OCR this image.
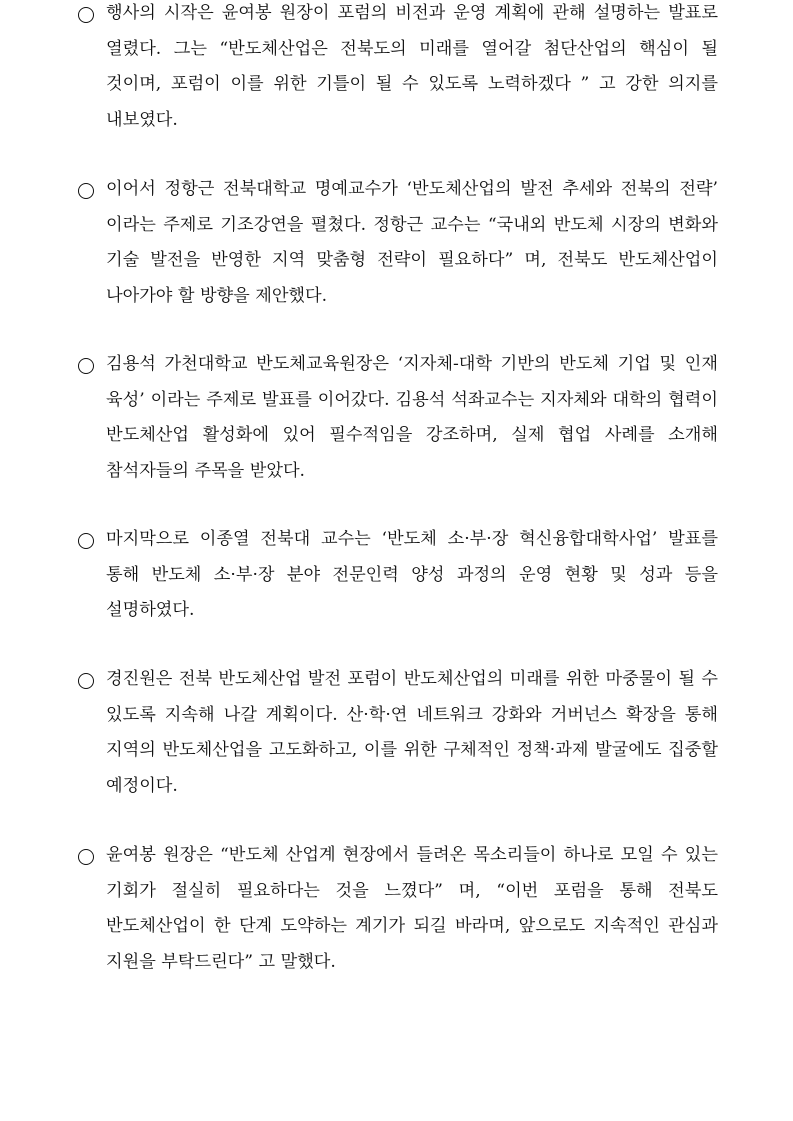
행사의 시작은 윤여봉 원장이 포럼의 비전과 운영 계획에 관해 설명하는 발표로 열렸다. 그는 “반도체산업은 전북도의 미래를 열어갈 첨단산업의 핵심이 될 것이며, 포럼이 이를 위한 기틀이 될 수 있도록 노력하겠다 ” 고 강한 의지를 내보였다.
이어서 정항근 전북대학교 명예교수가 ‘반도체산업의 발전 추세와 전북의 전략’ 이라는 주제로 기조강연을 펼쳤다. 정항근 교수는 “국내외 반도체 시장의 변화와 기술 발전을 반영한 지역 맞춤형 전략이 필요하다” 며, 전북도 반도체산업이 나아가야 할 방향을 제안했다.
김용석 가천대학교 반도체교육원장은 ‘지자체-대학 기반의 반도체 기업 및 인재 육성’ 이라는 주제로 발표를 이어갔다. 김용석 석좌교수는 지자체와 대학의 협력이 반도체산업 활성화에 있어 필수적임을 강조하며, 실제 협업 사례를 소개해 참석자들의 주목을 받았다.
마지막으로 이종열 전북대 교수는 ‘반도체 소·부·장 혁신융합대학사업’ 발표를 통해 반도체 소·부·장 분야 전문인력 양성 과정의 운영 현황 및 성과 등을 설명하였다.
경진원은 전북 반도체산업 발전 포럼이 반도체산업의 미래를 위한 마중물이 될 수 있도록 지속해 나갈 계획이다. 산·학·연 네트워크 강화와 거버넌스 확장을 통해 지역의 반도체산업을 고도화하고, 이를 위한 구체적인 정책·과제 발굴에도 집중할 예정이다.
윤여봉 원장은 “반도체 산업계 현장에서 들려온 목소리들이 하나로 모일 수 있는 기회가 절실히 필요하다는 것을 느꼈다” 며, “이번 포럼을 통해 전북도 반도체산업이 한 단계 도약하는 계기가 되길 바라며, 앞으로도 지속적인 관심과 지원을 부탁드린다” 고 말했다.
